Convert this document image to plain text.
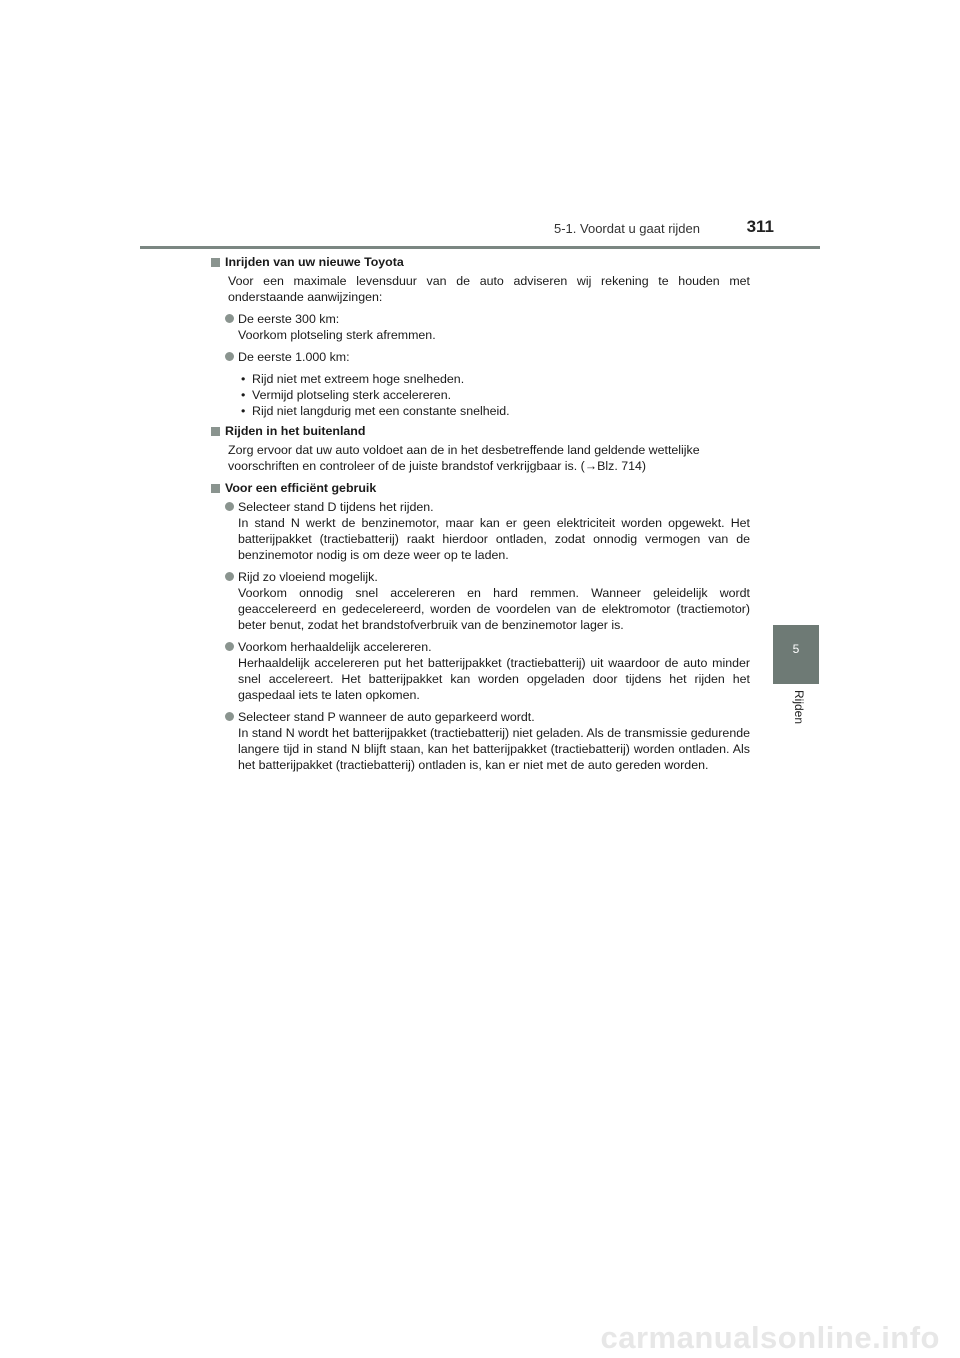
5-1. Voordat u gaat rijden	311
5
Rijden
Inrijden van uw nieuwe Toyota
Voor een maximale levensduur van de auto adviseren wij rekening te houden met onderstaande aanwijzingen:
De eerste 300 km:
Voorkom plotseling sterk afremmen.
De eerste 1.000 km:
• Rijd niet met extreem hoge snelheden.
• Vermijd plotseling sterk accelereren.
• Rijd niet langdurig met een constante snelheid.
Rijden in het buitenland
Zorg ervoor dat uw auto voldoet aan de in het desbetreffende land geldende wettelijke voorschriften en controleer of de juiste brandstof verkrijgbaar is. (→Blz. 714)
Voor een efficiënt gebruik
Selecteer stand D tijdens het rijden.
In stand N werkt de benzinemotor, maar kan er geen elektriciteit worden opgewekt. Het batterijpakket (tractiebatterij) raakt hierdoor ontladen, zodat onnodig vermogen van de benzinemotor nodig is om deze weer op te laden.
Rijd zo vloeiend mogelijk.
Voorkom onnodig snel accelereren en hard remmen. Wanneer geleidelijk wordt geaccelereerd en gedecelereerd, worden de voordelen van de elektromotor (tractiemotor) beter benut, zodat het brandstofverbruik van de benzinemotor lager is.
Voorkom herhaaldelijk accelereren.
Herhaaldelijk accelereren put het batterijpakket (tractiebatterij) uit waardoor de auto minder snel accelereert. Het batterijpakket kan worden opgeladen door tijdens het rijden het gaspedaal iets te laten opkomen.
Selecteer stand P wanneer de auto geparkeerd wordt.
In stand N wordt het batterijpakket (tractiebatterij) niet geladen. Als de transmissie gedurende langere tijd in stand N blijft staan, kan het batterijpakket (tractiebatterij) worden ontladen. Als het batterijpakket (tractiebatterij) ontladen is, kan er niet met de auto gereden worden.
carmanualsonline.info
